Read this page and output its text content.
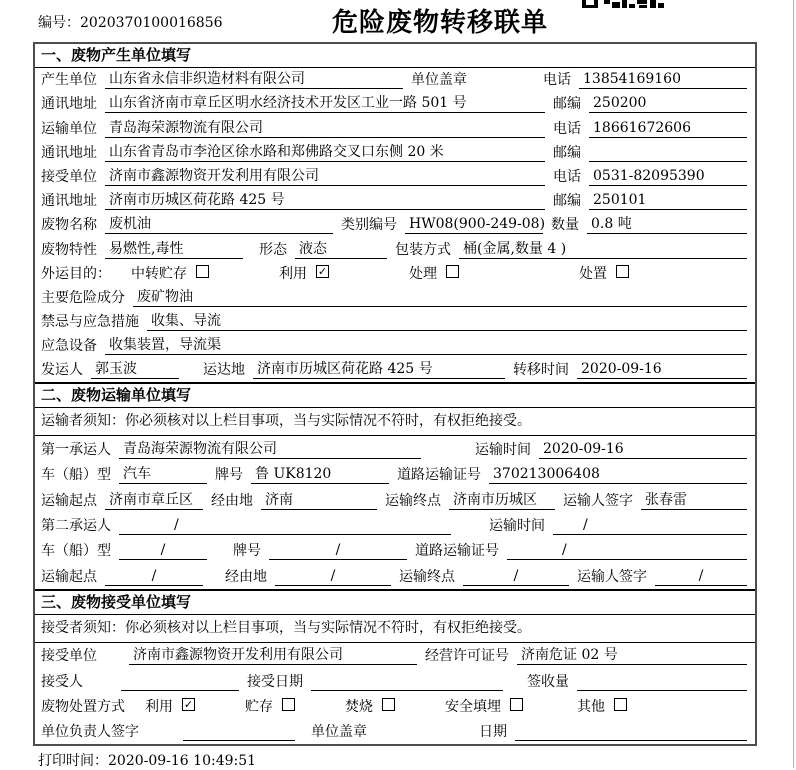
编号：2020370100016856	危险废物转移联单
一、废物产生单位填写
产生单位 山东省永信非织造材料有限公司	单位盖章	电话 13854169160
通讯地址 山东省济南市章丘区明水经济技术开发区工业一路 501 号	邮编 250200
运输单位 青岛海荣源物流有限公司	电话 18661672606
通讯地址 山东省青岛市李沧区徐水路和郑佛路交叉口东侧 20 米	邮编
接受单位 济南市鑫源物资开发利用有限公司	电话 0531-82095390
通讯地址 济南市历城区荷花路 425 号	邮编 250101
废物名称 废机油	类别编号 HW08(900-249-08) 数量 0.8 吨
废物特性 易燃性,毒性	形态 液态	包装方式 桶(金属,数量 4 )
外运目的： 中转贮存	利用 ✓	处理	处置
主要危险成分 废矿物油
禁忌与应急措施 收集、导流
应急设备 收集装置，导流渠
发运人 郭玉波	运达地 济南市历城区荷花路 425 号	转移时间 2020-09-16
二、废物运输单位填写
运输者须知：你必须核对以上栏目事项，当与实际情况不符时，有权拒绝接受。
第一承运人 青岛海荣源物流有限公司	运输时间 2020-09-16
车（船）型 汽车	牌号 鲁 UK8120	道路运输证号 370213006408
运输起点 济南市章丘区	经由地 济南	运输终点 济南市历城区	运输人签字 张春雷
第二承运人	/	运输时间	/
车（船）型	/	牌号	/	道路运输证号	/
运输起点	/	经由地	/	运输终点	/	运输人签字	/
三、废物接受单位填写
接受者须知：你必须核对以上栏目事项，当与实际情况不符时，有权拒绝接受。
接受单位	济南市鑫源物资开发利用有限公司	经营许可证号 济南危证 02 号
接受人	接受日期	签收量
废物处置方式 利用 ✓	贮存	焚烧	安全填埋	其他
单位负责人签字	单位盖章	日期
打印时间：2020-09-16 10:49:51
